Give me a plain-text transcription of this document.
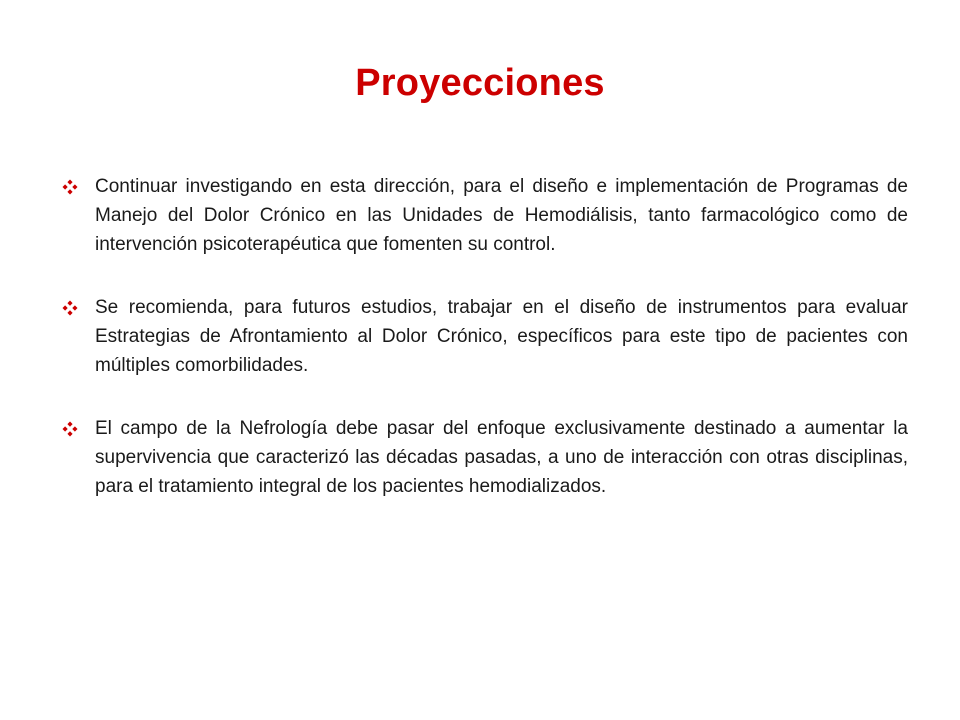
Proyecciones
Continuar investigando en esta dirección, para el diseño e implementación de Programas de Manejo del Dolor Crónico en las Unidades de Hemodiálisis, tanto farmacológico como de intervención psicoterapéutica que fomenten su control.
Se recomienda, para futuros estudios, trabajar en el diseño de instrumentos para evaluar Estrategias de Afrontamiento al Dolor Crónico, específicos para este tipo de pacientes con múltiples comorbilidades.
El campo de la Nefrología debe pasar del enfoque exclusivamente destinado a aumentar la supervivencia que caracterizó las décadas pasadas, a uno de interacción con otras disciplinas, para el tratamiento integral de los pacientes hemodializados.
